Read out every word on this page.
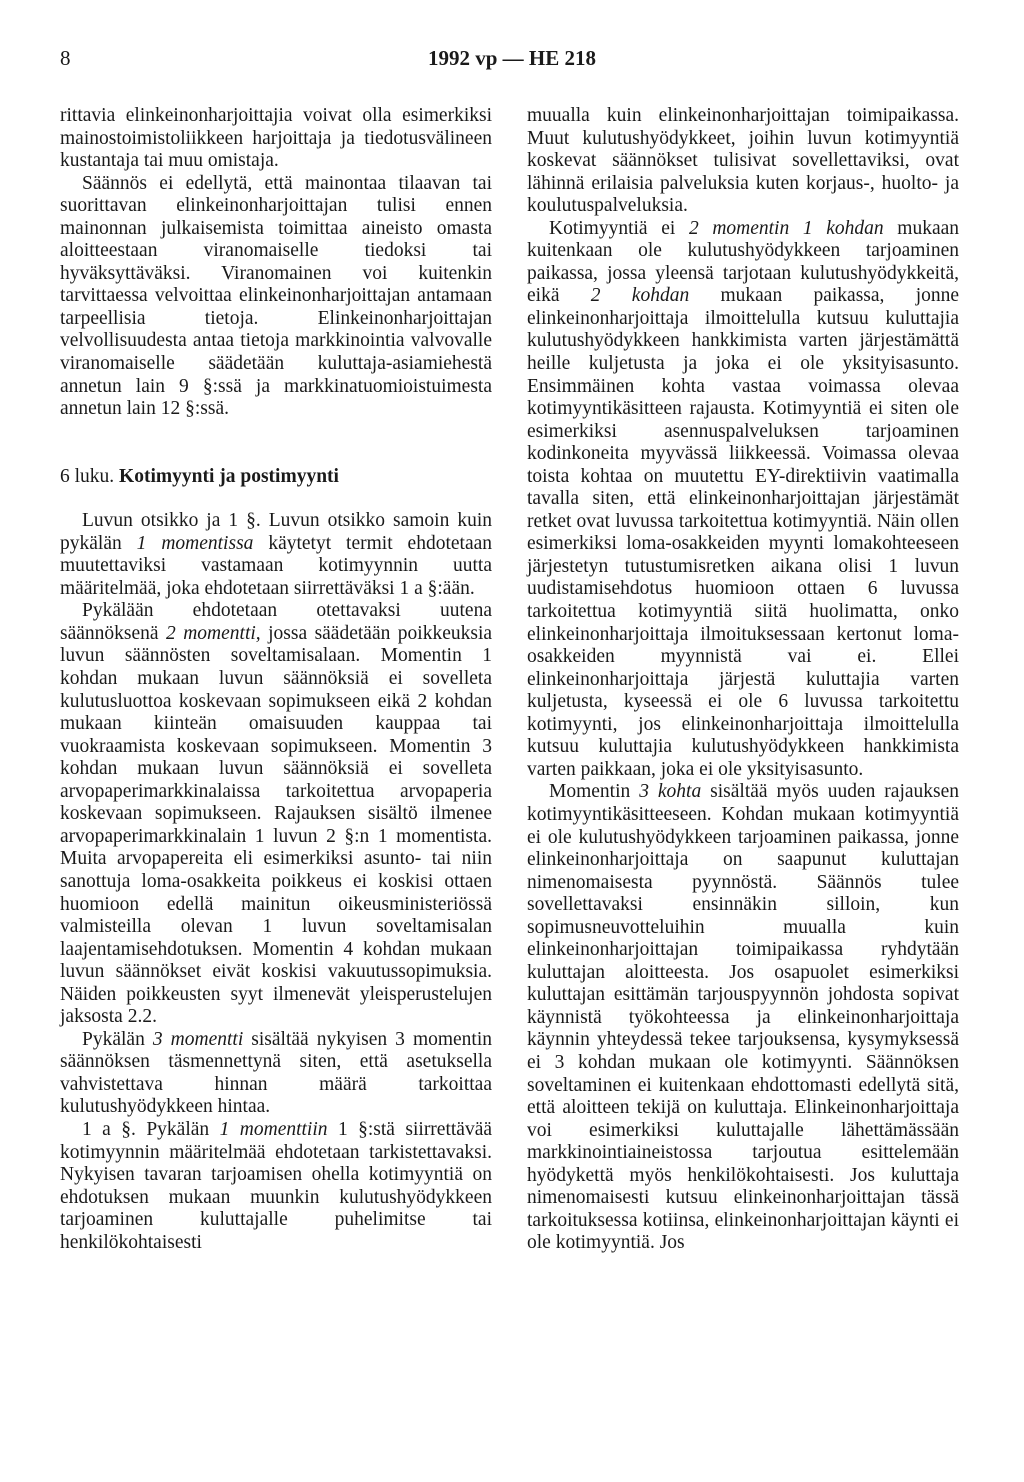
8	1992 vp — HE 218

rittavia elinkeinonharjoittajia voivat olla esimerkiksi mainostoimistoliikkeen harjoittaja ja tiedotusvälineen kustantaja tai muu omistaja.

Säännös ei edellytä, että mainontaa tilaavan tai suorittavan elinkeinonharjoittajan tulisi ennen mainonnan julkaisemista toimittaa aineisto omasta aloitteestaan viranomaiselle tiedoksi tai hyväksyttäväksi. Viranomainen voi kuitenkin tarvittaessa velvoittaa elinkeinonharjoittajan antamaan tarpeellisia tietoja. Elinkeinonharjoittajan velvollisuudesta antaa tietoja markkinointia valvovalle viranomaiselle säädetään kuluttaja-asiamiehestä annetun lain 9 §:ssä ja markkinatuomioistuimesta annetun lain 12 §:ssä.

6 luku. Kotimyynti ja postimyynti

Luvun otsikko ja 1 §. Luvun otsikko samoin kuin pykälän 1 momentissa käytetyt termit ehdotetaan muutettaviksi vastamaan kotimyynnin uutta määritelmää, joka ehdotetaan siirrettäväksi 1 a §:ään.

Pykälään ehdotetaan otettavaksi uutena säännöksenä 2 momentti, jossa säädetään poikkeuksia luvun säännösten soveltamisalaan. Momentin 1 kohdan mukaan luvun säännöksiä ei sovelleta kulutusluottoa koskevaan sopimukseen eikä 2 kohdan mukaan kiinteän omaisuuden kauppaa tai vuokraamista koskevaan sopimukseen. Momentin 3 kohdan mukaan luvun säännöksiä ei sovelleta arvopaperimarkkinalaissa tarkoitettua arvopaperia koskevaan sopimukseen. Rajauksen sisältö ilmenee arvopaperimarkkinalain 1 luvun 2 §:n 1 momentista. Muita arvopapereita eli esimerkiksi asunto- tai niin sanottuja loma-osakkeita poikkeus ei koskisi ottaen huomioon edellä mainitun oikeusministeriössä valmisteilla olevan 1 luvun soveltamisalan laajentamisehdotuksen. Momentin 4 kohdan mukaan luvun säännökset eivät koskisi vakuutussopimuksia. Näiden poikkeusten syyt ilmenevät yleisperustelujen jaksosta 2.2.

Pykälän 3 momentti sisältää nykyisen 3 momentin säännöksen täsmennettynä siten, että asetuksella vahvistettava hinnan määrä tarkoittaa kulutushyödykkeen hintaa.

1 a §. Pykälän 1 momenttiin 1 §:stä siirrettävää kotimyynnin määritelmää ehdotetaan tarkistettavaksi. Nykyisen tavaran tarjoamisen ohella kotimyyntiä on ehdotuksen mukaan muunkin kulutushyödykkeen tarjoaminen kuluttajalle puhelimitse tai henkilökohtaisesti

muualla kuin elinkeinonharjoittajan toimipaikassa. Muut kulutushyödykkeet, joihin luvun kotimyyntiä koskevat säännökset tulisivat sovellettaviksi, ovat lähinnä erilaisia palveluksia kuten korjaus-, huolto- ja koulutuspalveluksia.

Kotimyyntiä ei 2 momentin 1 kohdan mukaan kuitenkaan ole kulutushyödykkeen tarjoaminen paikassa, jossa yleensä tarjotaan kulutushyödykkeitä, eikä 2 kohdan mukaan paikassa, jonne elinkeinonharjoittaja ilmoittelulla kutsuu kuluttajia kulutushyödykkeen hankkimista varten järjestämättä heille kuljetusta ja joka ei ole yksityisasunto. Ensimmäinen kohta vastaa voimassa olevaa kotimyyntikäsitteen rajausta. Kotimyyntiä ei siten ole esimerkiksi asennuspalveluksen tarjoaminen kodinkoneita myyvässä liikkeessä. Voimassa olevaa toista kohtaa on muutettu EY-direktiivin vaatimalla tavalla siten, että elinkeinonharjoittajan järjestämät retket ovat luvussa tarkoitettua kotimyyntiä. Näin ollen esimerkiksi loma-osakkeiden myynti lomakohteeseen järjestetyn tutustumisretken aikana olisi 1 luvun uudistamisehdotus huomioon ottaen 6 luvussa tarkoitettua kotimyyntiä siitä huolimatta, onko elinkeinonharjoittaja ilmoituksessaan kertonut loma-osakkeiden myynnistä vai ei. Ellei elinkeinonharjoittaja järjestä kuluttajia varten kuljetusta, kyseessä ei ole 6 luvussa tarkoitettu kotimyynti, jos elinkeinonharjoittaja ilmoittelulla kutsuu kuluttajia kulutushyödykkeen hankkimista varten paikkaan, joka ei ole yksityisasunto.

Momentin 3 kohta sisältää myös uuden rajauksen kotimyyntikäsitteeseen. Kohdan mukaan kotimyyntiä ei ole kulutushyödykkeen tarjoaminen paikassa, jonne elinkeinonharjoittaja on saapunut kuluttajan nimenomaisesta pyynnöstä. Säännös tulee sovellettavaksi ensinnäkin silloin, kun sopimusneuvotteluihin muualla kuin elinkeinonharjoittajan toimipaikassa ryhdytään kuluttajan aloitteesta. Jos osapuolet esimerkiksi kuluttajan esittämän tarjouspyynnön johdosta sopivat käynnistä työkohteessa ja elinkeinonharjoittaja käynnin yhteydessä tekee tarjouksensa, kysymyksessä ei 3 kohdan mukaan ole kotimyynti. Säännöksen soveltaminen ei kuitenkaan ehdottomasti edellytä sitä, että aloitteen tekijä on kuluttaja. Elinkeinonharjoittaja voi esimerkiksi kuluttajalle lähettämässään markkinointiaineistossa tarjoutua esittelemään hyödykettä myös henkilökohtaisesti. Jos kuluttaja nimenomaisesti kutsuu elinkeinonharjoittajan tässä tarkoituksessa kotiinsa, elinkeinonharjoittajan käynti ei ole kotimyyntiä. Jos
